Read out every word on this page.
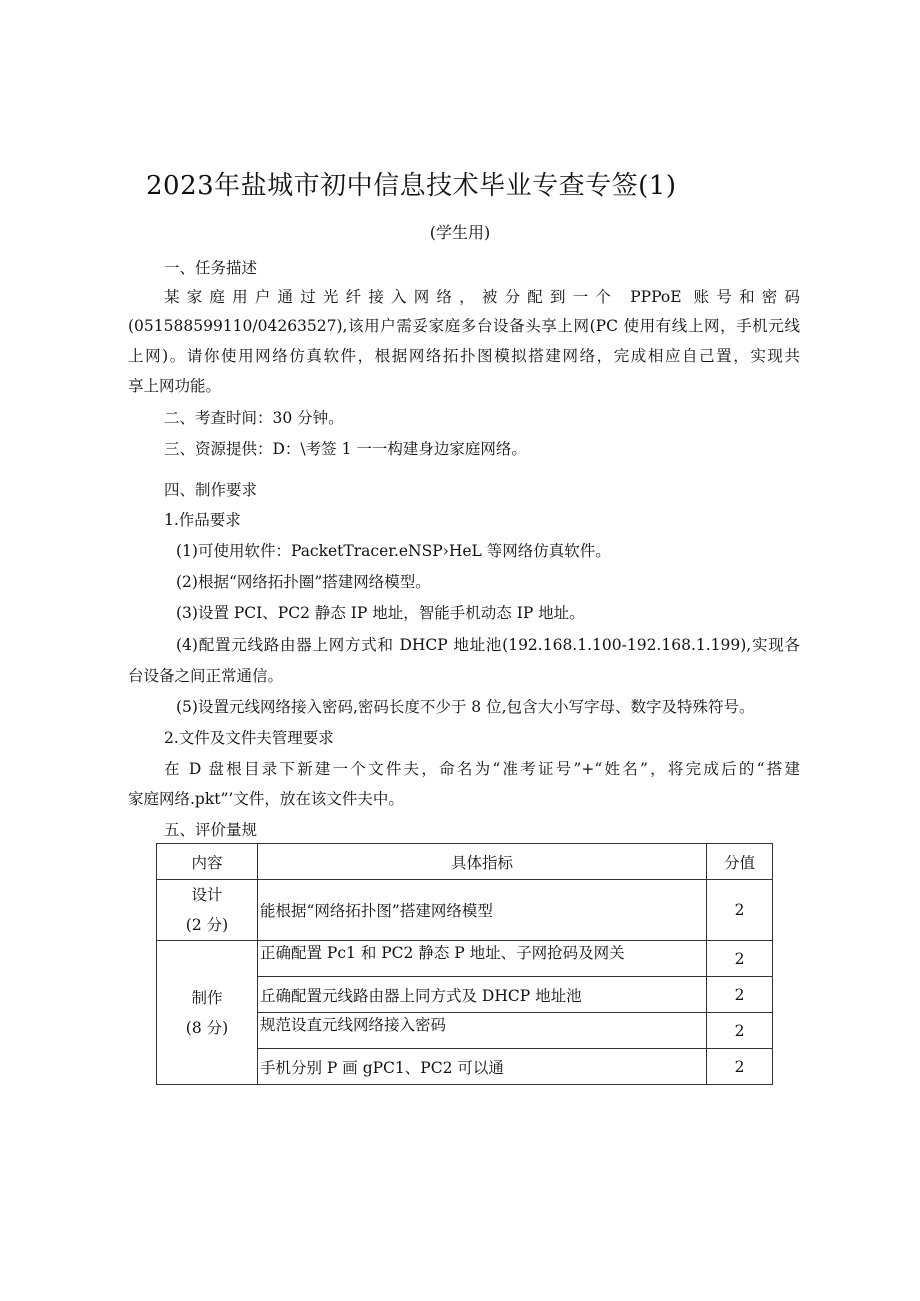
2023年盐城市初中信息技术毕业专查专签(1)
(学生用)
一、任务描述
某家庭用户通过光纤接入网络，被分配到一个 PPPoE 账号和密码
(051588599110/04263527),该用户需妥家庭多台设备头享上网(PC 使用有线上网，手机元线
上网)。请你使用网络仿真软件，根据网络拓扑图模拟搭建网络，完成相应自己置，实现共
享上网功能。
二、考查时间：30 分钟。
三、资源提供：D：\考签 1 一一构建身边家庭网络。
四、制作要求
1.作品要求
(1)可使用软件：PacketTracer.eNSP›HeL 等网络仿真软件。
(2)根据“网络拓扑圈”搭建网络模型。
(3)设置 PCI、PC2 静态 IP 地址，智能手机动态 IP 地址。
(4)配置元线路由器上网方式和 DHCP 地址池(192.168.1.100-192.168.1.199),实现各
台设备之间正常通信。
(5)设置元线网络接入密码,密码长度不少于 8 位,包含大小写字母、数字及特殊符号。
2.文件及文件夫管理要求
在 D 盘根目录下新建一个文件夫，命名为“准考证号”+“姓名”，将完成后的“搭建
家庭网络.pkt”’文件，放在该文件夫中。
五、评价量规
内容	具体指标	分值

设计
(2 分)	能根据“网络拓扑图”搭建网络模型	2

制作
(8 分)	正确配置 Pc1 和 PC2 静态 P 地址、子网抢码及网关	2
	丘确配置元线路由器上同方式及 DHCP 地址池	2
	规范设直元线网络接入密码	2
	手机分别 P 画 gPC1、PC2 可以通	2
